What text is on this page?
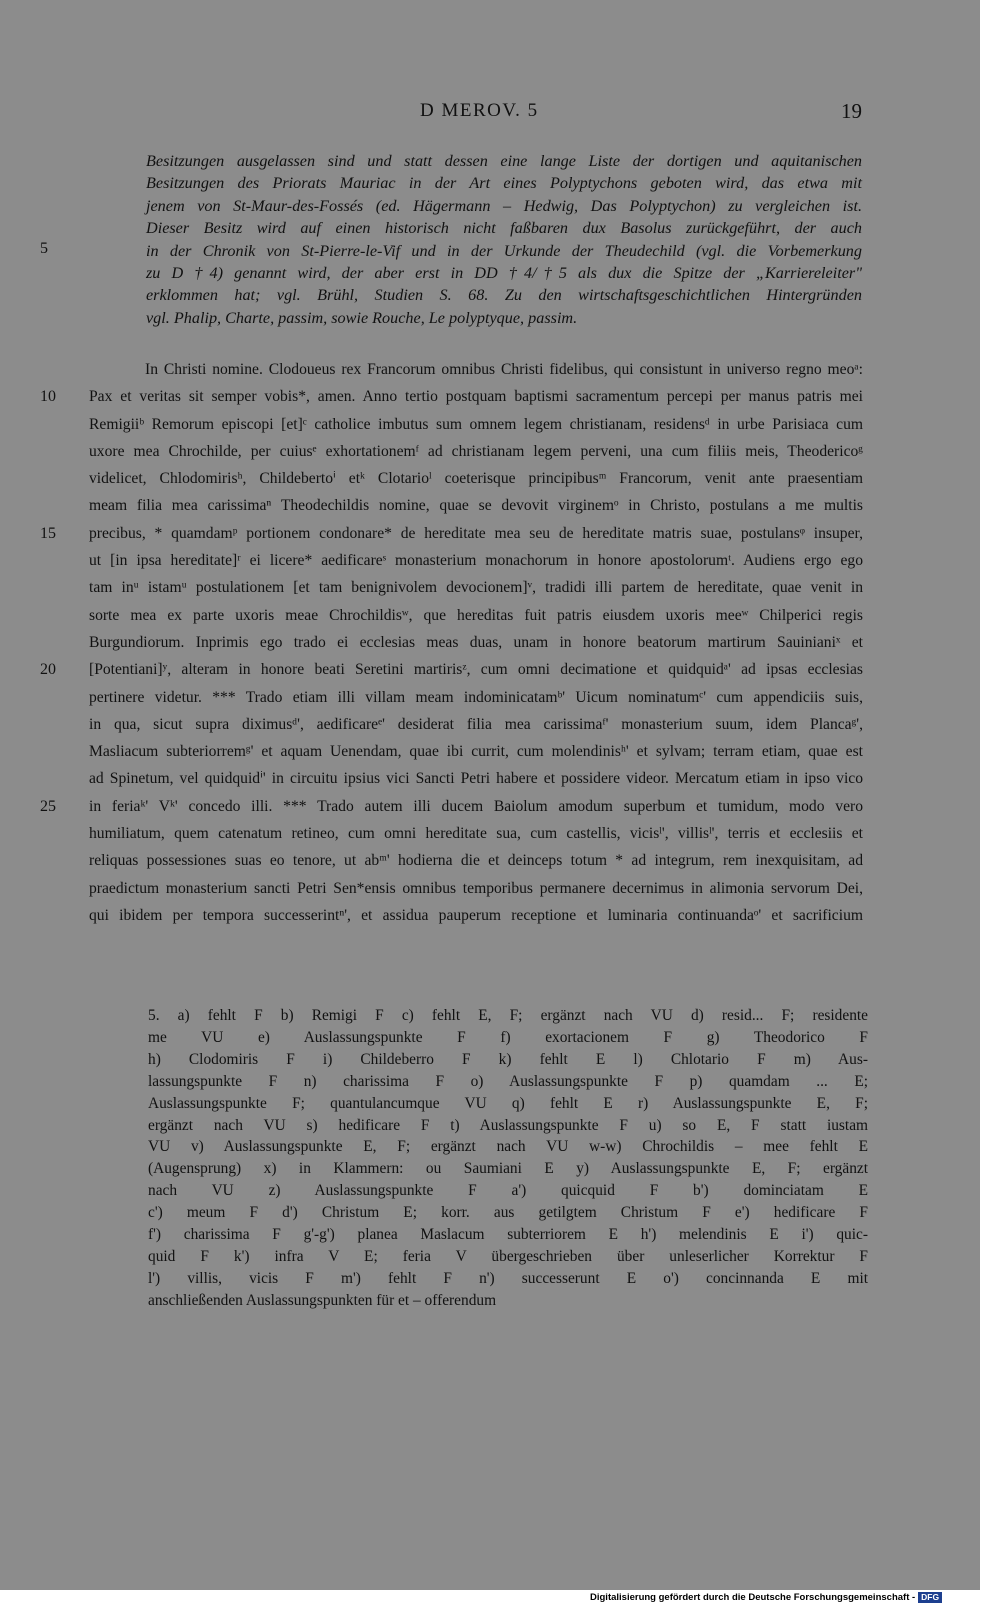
D MEROV. 5	19
Besitzungen ausgelassen sind und statt dessen eine lange Liste der dortigen und aquitanischen
Besitzungen des Priorats Mauriac in der Art eines Polyptychons geboten wird, das etwa mit
jenem von St-Maur-des-Fossés (ed. Hägermann – Hedwig, Das Polyptychon) zu vergleichen ist.
Dieser Besitz wird auf einen historisch nicht faßbaren dux Basolus zurückgeführt, der auch
in der Chronik von St-Pierre-le-Vif und in der Urkunde der Theudechild (vgl. die Vorbemerkung
zu D †4) genannt wird, der aber erst in DD †4/†5 als dux die Spitze der „Karriereleiter"
erklommen hat; vgl. Brühl, Studien S. 68. Zu den wirtschaftsgeschichtlichen Hintergründen
vgl. Phalip, Charte, passim, sowie Rouche, Le polyptyque, passim.
5
In Christi nomine. Clodoueus rex Francorum omnibus Christi fidelibus, qui consistunt in universo regno meoᵃ:
Pax et veritas sit semper vobis*, amen. Anno tertio postquam baptismi sacramentum percepi per manus patris mei
Remigiiᵇ Remorum episcopi [et]ᶜ catholice imbutus sum omnem legem christianam, residensᵈ in urbe Parisiaca cum
uxore mea Chrochilde, per cuiusᵉ exhortationemᶠ ad christianam legem perveni, una cum filiis meis, Theodericoᵍ
videlicet, Chlodomirisʰ, Childebertoⁱ etᵏ Clotarioˡ coeterisque principibusᵐ Francorum, venit ante praesentiam
meam filia mea carissimaⁿ Theodechildis nomine, quae se devovit virginemᵒ in Christo, postulans a me multis
precibus, * quamdamᵖ portionem condonare* de hereditate mea seu de hereditate matris suae, postulansᵠ insuper,
ut [in ipsa hereditate]ʳ ei licere* aedificareˢ monasterium monachorum in honore apostolorumᵗ. Audiens ergo ego
tam inᵘ istamᵘ postulationem [et tam benignivolem devocionem]ᵛ, tradidi illi partem de hereditate, quae venit in
sorte mea ex parte uxoris meae Chrochildisʷ, que hereditas fuit patris eiusdem uxoris meeʷ Chilperici regis
Burgundiorum. Inprimis ego trado ei ecclesias meas duas, unam in honore beatorum martirum Sauinianiˣ et
[Potentiani]ʸ, alteram in honore beati Seretini martirisᶻ, cum omni decimatione et quidquidᵃ' ad ipsas ecclesias
pertinere videtur. *** Trado etiam illi villam meam indominicatamᵇ' Uicum nominatumᶜ' cum appendiciis suis,
in qua, sicut supra diximusᵈ', aedificareᵉ' desiderat filia mea carissimaᶠ' monasterium suum, idem Plancaᵍ',
Masliacum subteriorremᵍ' et aquam Uenendam, quae ibi currit, cum molendinisʰ' et sylvam; terram etiam, quae est
ad Spinetum, vel quidquidⁱ' in circuitu ipsius vici Sancti Petri habere et possidere videor. Mercatum etiam in ipso vico
in feriaᵏ' Vᵏ' concedo illi. *** Trado autem illi ducem Baiolum amodum superbum et tumidum, modo vero
humiliatum, quem catenatum retineo, cum omni hereditate sua, cum castellis, vicisˡ', villisˡ', terris et ecclesiis et
reliquas possessiones suas eo tenore, ut abᵐ' hodierna die et deinceps totum * ad integrum, rem inexquisitam, ad
praedictum monasterium sancti Petri Sen*ensis omnibus temporibus permanere decernimus in alimonia servorum Dei,
qui ibidem per tempora successerintⁿ', et assidua pauperum receptione et luminaria continuandaᵒ' et sacrificium
10
15
20
25
5. a) fehlt F b) Remigi F c) fehlt E, F; ergänzt nach VU d) resid... F; residente
me VU e) Auslassungspunkte F f) exortacionem F g) Theodorico F
h) Clodomiris F i) Childeberro F k) fehlt E l) Chlotario F m) Aus-
lassungspunkte F n) charissima F o) Auslassungspunkte F p) quamdam ... E;
Auslassungspunkte F; quantulancumque VU q) fehlt E r) Auslassungspunkte E, F;
ergänzt nach VU s) hedificare F t) Auslassungspunkte F u) so E, F statt iustam
VU v) Auslassungspunkte E, F; ergänzt nach VU w-w) Chrochildis – mee fehlt E
(Augensprung) x) in Klammern: ou Saumiani E y) Auslassungspunkte E, F; ergänzt
nach VU z) Auslassungspunkte F a') quicquid F b') dominciatam E
c') meum F d') Christum E; korr. aus getilgtem Christum F e') hedificare F
f') charissima F g'-g') planea Maslacum subterriorem E h') melendinis E i') quic-
quid F k') infra V E; feria V übergeschrieben über unleserlicher Korrektur F
l') villis, vicis F m') fehlt F n') successerunt E o') concinnanda E mit
anschließenden Auslassungspunkten für et – offerendum
Digitalisierung gefördert durch die Deutsche Forschungsgemeinschaft - DFG
